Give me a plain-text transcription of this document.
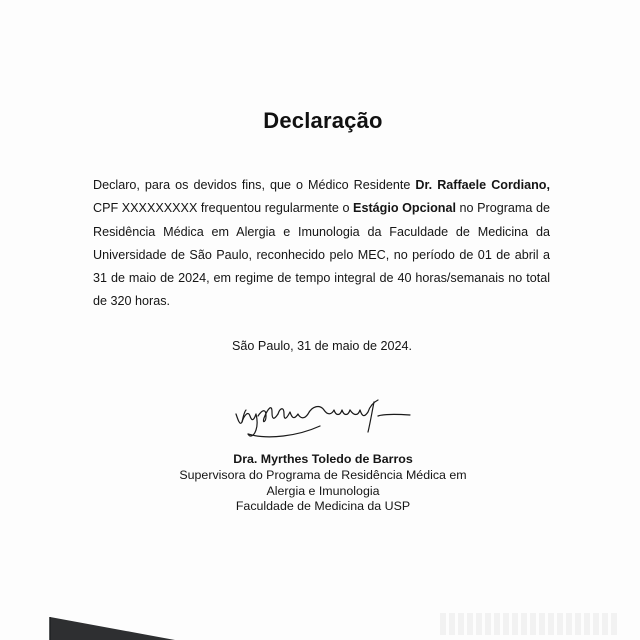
Declaração
Declaro, para os devidos fins, que o Médico Residente Dr. Raffaele Cordiano, CPF XXXXXXXXX frequentou regularmente o Estágio Opcional no Programa de Residência Médica em Alergia e Imunologia da Faculdade de Medicina da Universidade de São Paulo, reconhecido pelo MEC, no período de 01 de abril a 31 de maio de 2024, em regime de tempo integral de 40 horas/semanais no total de 320 horas.
São Paulo, 31 de maio de 2024.
Dra. Myrthes Toledo de Barros
Supervisora do Programa de Residência Médica em
Alergia e Imunologia
Faculdade de Medicina da USP
